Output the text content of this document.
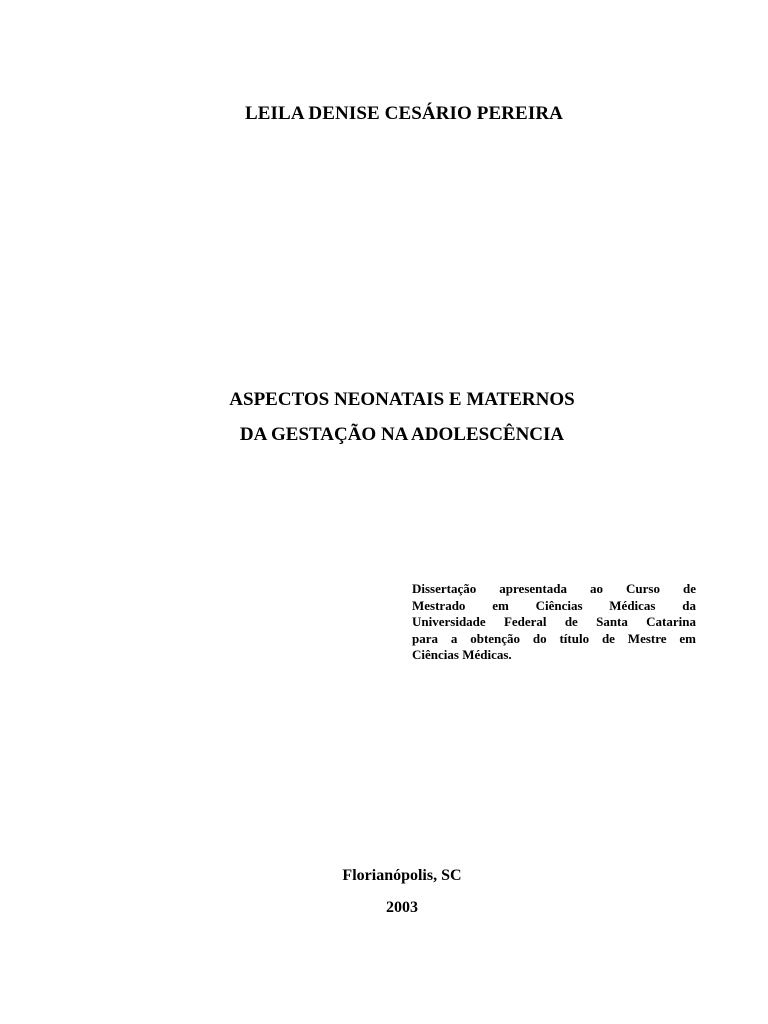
LEILA DENISE CESÁRIO PEREIRA
ASPECTOS NEONATAIS E MATERNOS
DA GESTAÇÃO NA ADOLESCÊNCIA
Dissertação apresentada ao Curso de
Mestrado em Ciências Médicas da
Universidade Federal de Santa Catarina
para a obtenção do título de Mestre em
Ciências Médicas.
Florianópolis, SC
2003
